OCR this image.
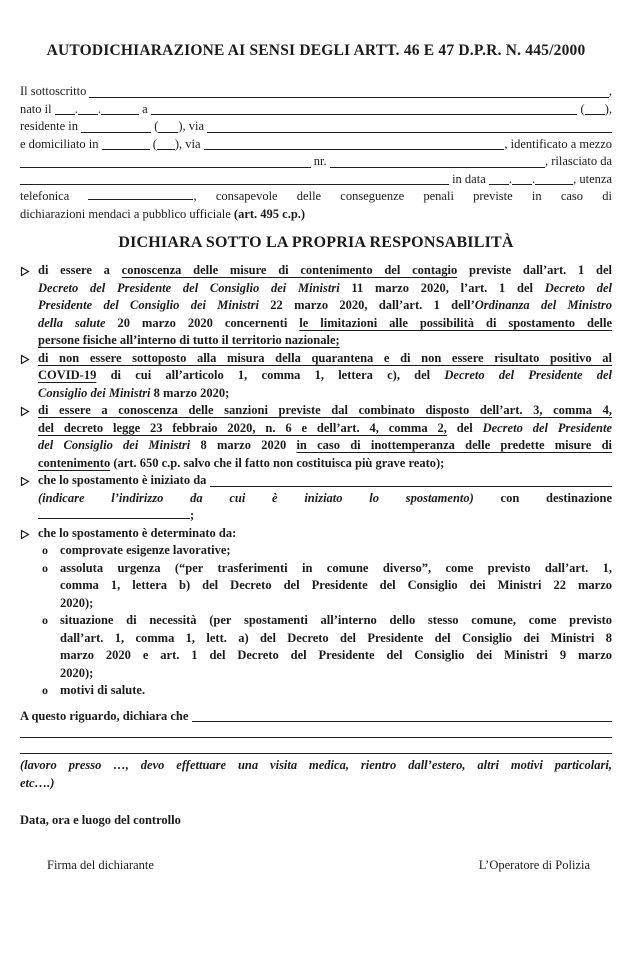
AUTODICHIARAZIONE AI SENSI DEGLI ARTT. 46 E 47 D.P.R. N. 445/2000
Il sottoscritto	,
nato il . .	a	( ),
residente in	( ), via
e domiciliato in	( ), via	, identificato a mezzo
nr.	, rilasciato da
in data . .	, utenza
telefonica	, consapevole delle conseguenze penali previste in caso di
dichiarazioni mendaci a pubblico ufficiale (art. 495 c.p.)
DICHIARA SOTTO LA PROPRIA RESPONSABILITÀ
di essere a conoscenza delle misure di contenimento del contagio previste dall’art. 1 del
Decreto del Presidente del Consiglio dei Ministri 11 marzo 2020, l’art. 1 del Decreto del
Presidente del Consiglio dei Ministri 22 marzo 2020, dall’art. 1 dell’Ordinanza del Ministro
della salute 20 marzo 2020 concernenti le limitazioni alle possibilità di spostamento delle
persone fisiche all’interno di tutto il territorio nazionale;
di non essere sottoposto alla misura della quarantena e di non essere risultato positivo al
COVID-19 di cui all’articolo 1, comma 1, lettera c), del Decreto del Presidente del
Consiglio dei Ministri 8 marzo 2020;
di essere a conoscenza delle sanzioni previste dal combinato disposto dell’art. 3, comma 4,
del decreto legge 23 febbraio 2020, n. 6 e dell’art. 4, comma 2, del Decreto del Presidente
del Consiglio dei Ministri 8 marzo 2020 in caso di inottemperanza delle predette misure di
contenimento (art. 650 c.p. salvo che il fatto non costituisca più grave reato);
che lo spostamento è iniziato da
(indicare l’indirizzo da cui è iniziato lo spostamento) con destinazione
;
che lo spostamento è determinato da:
o comprovate esigenze lavorative;
o assoluta urgenza (“per trasferimenti in comune diverso”, come previsto dall’art. 1,
comma 1, lettera b) del Decreto del Presidente del Consiglio dei Ministri 22 marzo
2020);
o situazione di necessità (per spostamenti all’interno dello stesso comune, come previsto
dall’art. 1, comma 1, lett. a) del Decreto del Presidente del Consiglio dei Ministri 8
marzo 2020 e art. 1 del Decreto del Presidente del Consiglio dei Ministri 9 marzo
2020);
o motivi di salute.
A questo riguardo, dichiara che
(lavoro presso …, devo effettuare una visita medica, rientro dall’estero, altri motivi particolari,
etc….)
Data, ora e luogo del controllo
Firma del dichiarante	L’Operatore di Polizia
